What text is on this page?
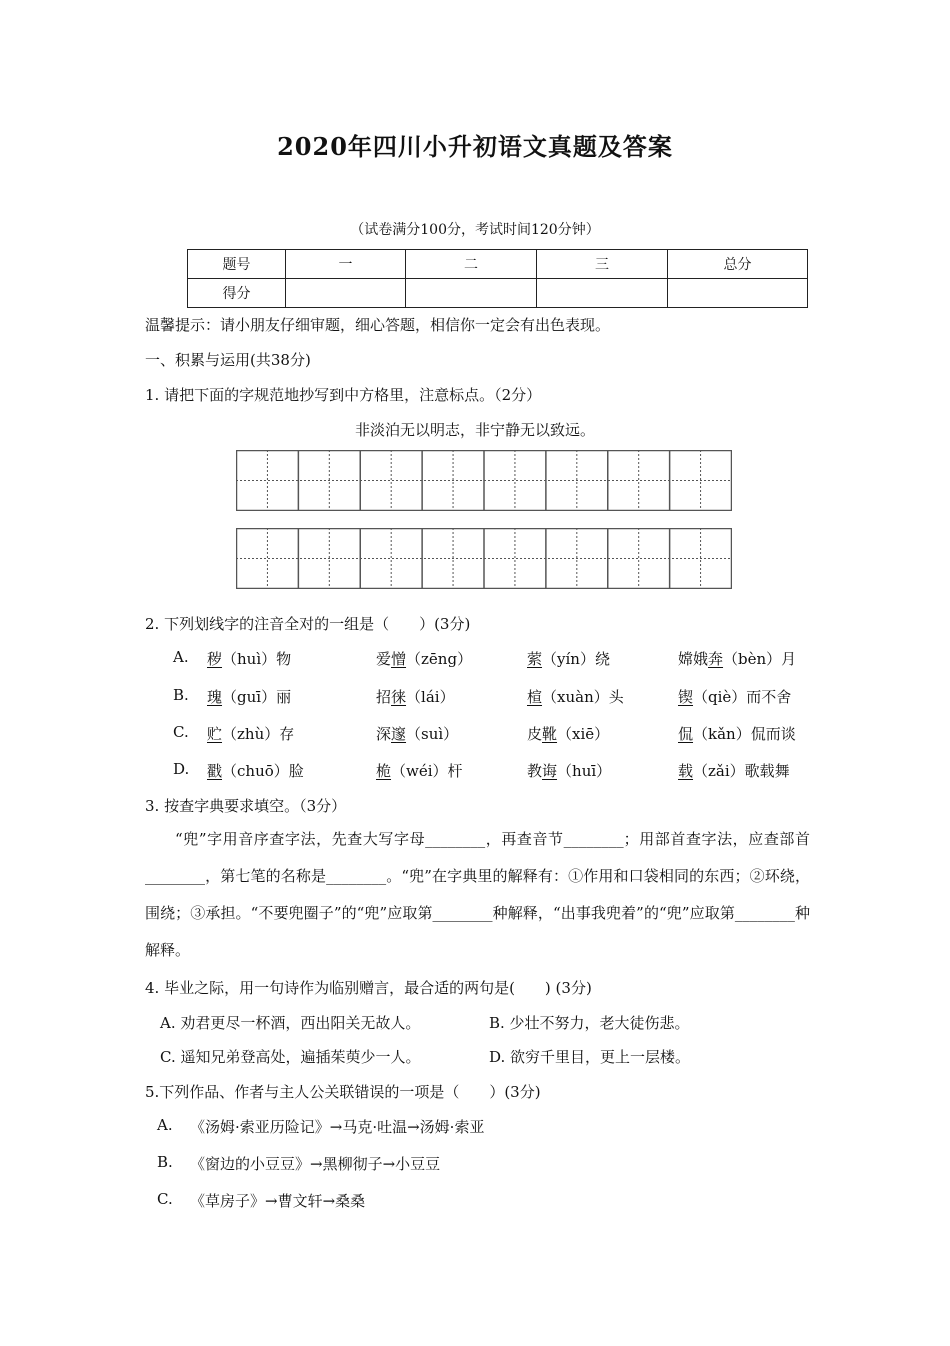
2020年四川小升初语文真题及答案
（试卷满分100分，考试时间120分钟）
题号	一	二	三	总分
得分				
温馨提示：请小朋友仔细审题，细心答题，相信你一定会有出色表现。
一、积累与运用(共38分)
1. 请把下面的字规范地抄写到中方格里，注意标点。（2分）
非淡泊无以明志，非宁静无以致远。
2. 下列划线字的注音全对的一组是（　　）(3分)
A. 秽（huì）物	爱憎（zēng）	萦（yín）绕	嫦娥奔（bèn）月
B. 瑰（guī）丽	招徕（lái）	楦（xuàn）头	锲（qiè）而不舍
C. 贮（zhù）存	深邃（suì）	皮靴（xiē）	侃（kǎn）侃而谈
D. 戳（chuō）脸	桅（wéi）杆	教诲（huī）	载（zǎi）歌载舞
3. 按查字典要求填空。（3分）
“兜”字用音序查字法，先查大写字母________，再查音节________；用部首查字法，应查部首________，第七笔的名称是________。“兜”在字典里的解释有：①作用和口袋相同的东西；②环绕，围绕；③承担。“不要兜圈子”的“兜”应取第________种解释，“出事我兜着”的“兜”应取第________种解释。
4. 毕业之际，用一句诗作为临别赠言，最合适的两句是(　　) (3分)
A. 劝君更尽一杯酒，西出阳关无故人。	B. 少壮不努力，老大徒伤悲。
C. 遥知兄弟登高处，遍插茱萸少一人。	D. 欲穷千里目，更上一层楼。
5.下列作品、作者与主人公关联错误的一项是（　　）(3分)
A. 《汤姆·索亚历险记》→马克·吐温→汤姆·索亚
B. 《窗边的小豆豆》→黑柳彻子→小豆豆
C. 《草房子》→曹文轩→桑桑
